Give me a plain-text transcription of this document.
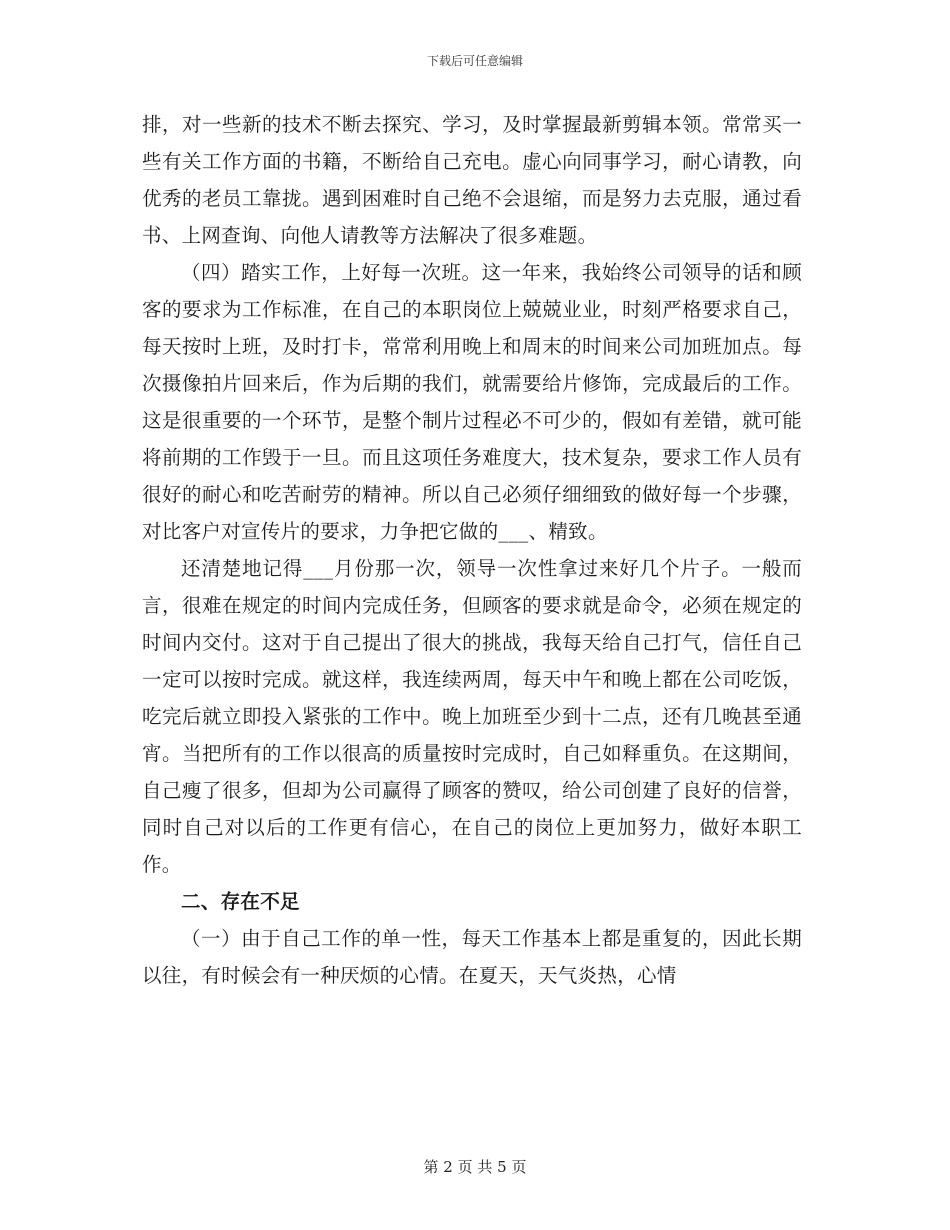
下载后可任意编辑

排，对一些新的技术不断去探究、学习，及时掌握最新剪辑本领。常常买一些有关工作方面的书籍，不断给自己充电。虚心向同事学习，耐心请教，向优秀的老员工靠拢。遇到困难时自己绝不会退缩，而是努力去克服，通过看书、上网查询、向他人请教等方法解决了很多难题。

（四）踏实工作，上好每一次班。这一年来，我始终公司领导的话和顾客的要求为工作标准，在自己的本职岗位上兢兢业业，时刻严格要求自己，每天按时上班，及时打卡，常常利用晚上和周末的时间来公司加班加点。每次摄像拍片回来后，作为后期的我们，就需要给片修饰，完成最后的工作。这是很重要的一个环节，是整个制片过程必不可少的，假如有差错，就可能将前期的工作毁于一旦。而且这项任务难度大，技术复杂，要求工作人员有很好的耐心和吃苦耐劳的精神。所以自己必须仔细细致的做好每一个步骤，对比客户对宣传片的要求，力争把它做的___、精致。

还清楚地记得___月份那一次，领导一次性拿过来好几个片子。一般而言，很难在规定的时间内完成任务，但顾客的要求就是命令，必须在规定的时间内交付。这对于自己提出了很大的挑战，我每天给自己打气，信任自己一定可以按时完成。就这样，我连续两周，每天中午和晚上都在公司吃饭，吃完后就立即投入紧张的工作中。晚上加班至少到十二点，还有几晚甚至通宵。当把所有的工作以很高的质量按时完成时，自己如释重负。在这期间，自己瘦了很多，但却为公司赢得了顾客的赞叹，给公司创建了良好的信誉，同时自己对以后的工作更有信心，在自己的岗位上更加努力，做好本职工作。

二、存在不足

（一）由于自己工作的单一性，每天工作基本上都是重复的，因此长期以往，有时候会有一种厌烦的心情。在夏天，天气炎热，心情

第 2 页 共 5 页
